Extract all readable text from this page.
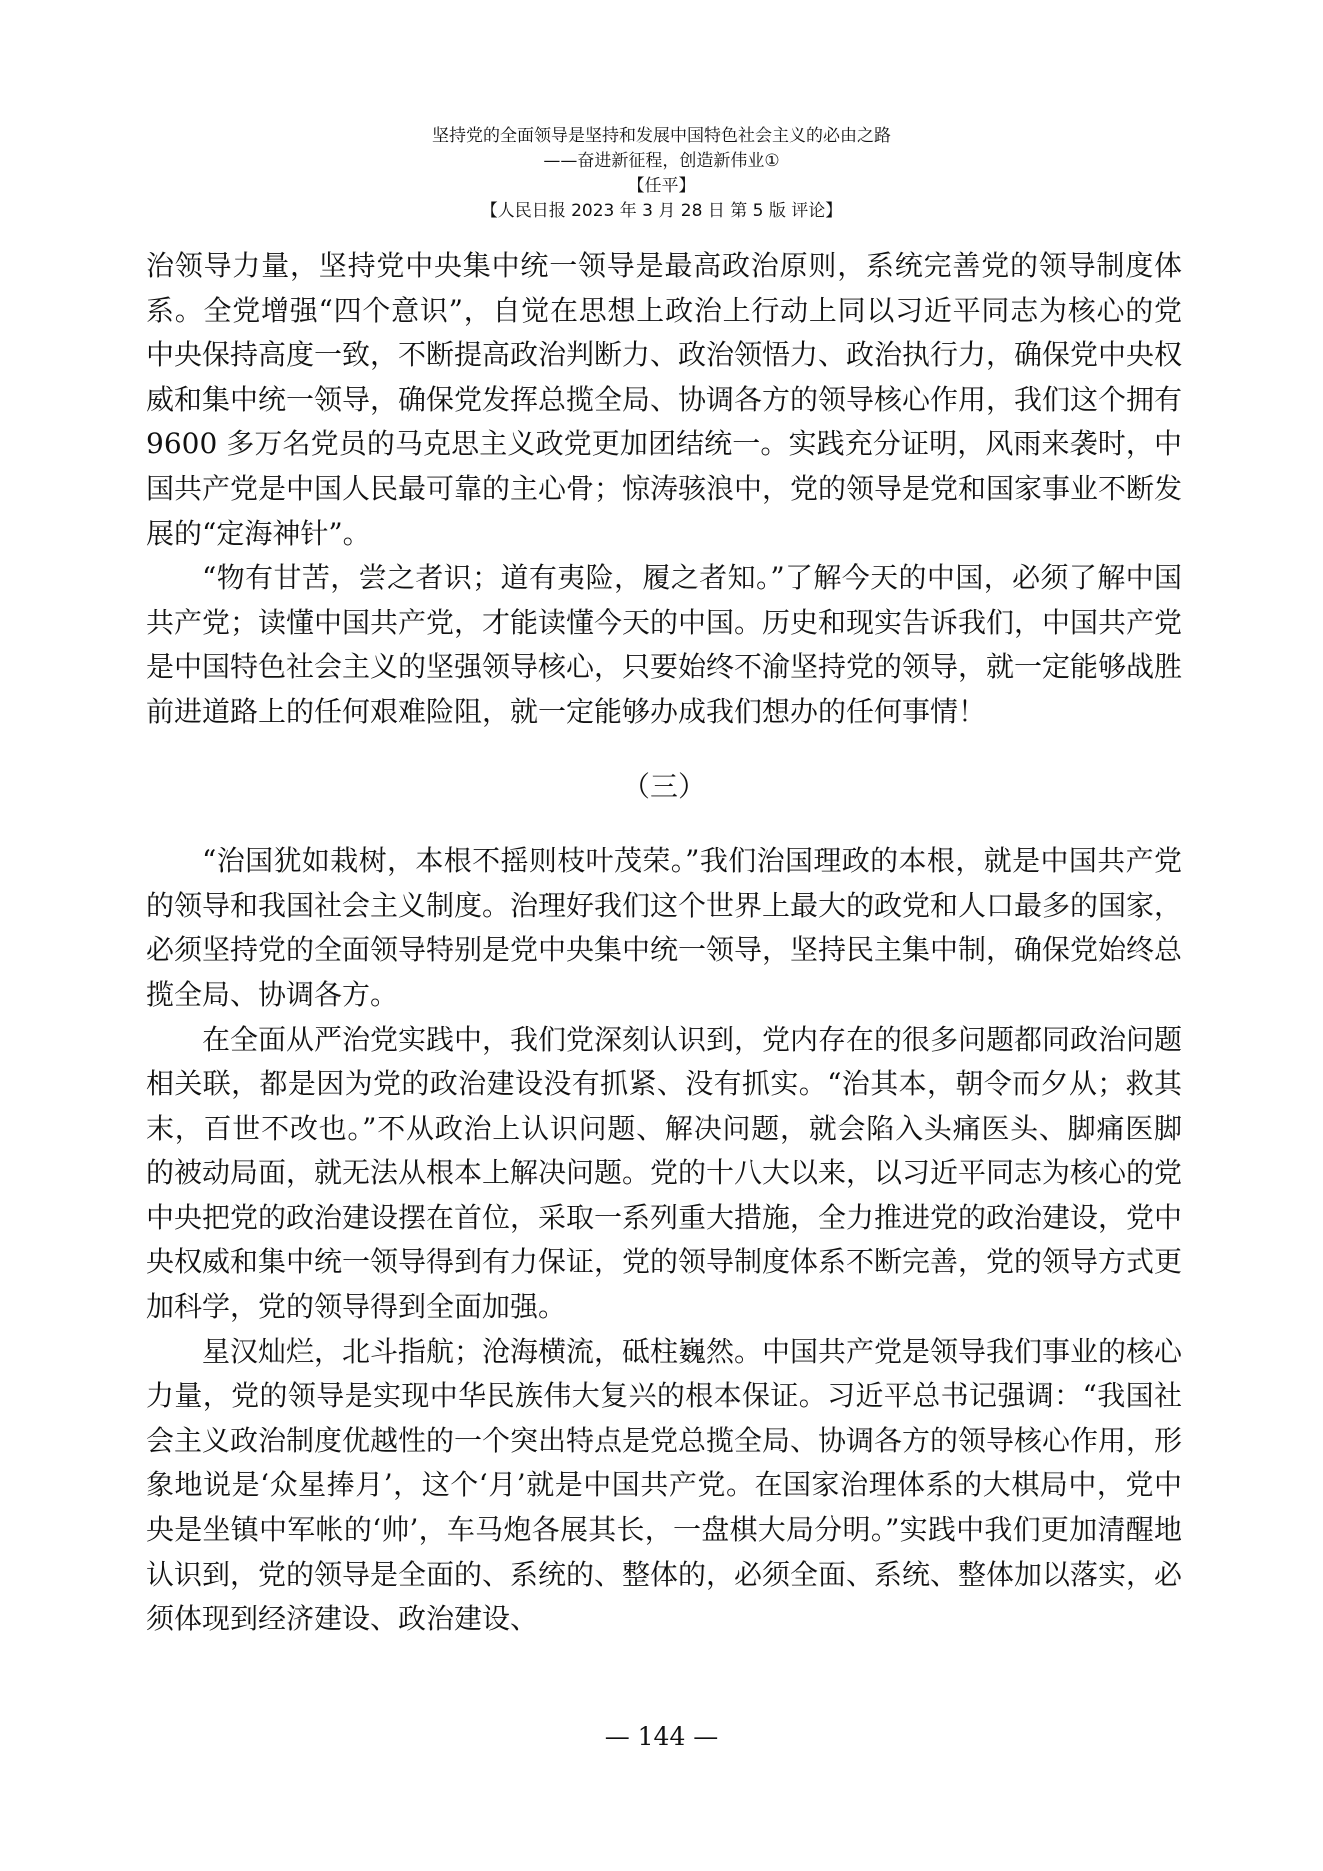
坚持党的全面领导是坚持和发展中国特色社会主义的必由之路
——奋进新征程，创造新伟业①
【任平】
【人民日报 2023 年 3 月 28 日 第 5 版 评论】

治领导力量，坚持党中央集中统一领导是最高政治原则，系统完善党的领导制度体系。全党增强“四个意识”，自觉在思想上政治上行动上同以习近平同志为核心的党中央保持高度一致，不断提高政治判断力、政治领悟力、政治执行力，确保党中央权威和集中统一领导，确保党发挥总揽全局、协调各方的领导核心作用，我们这个拥有 9600 多万名党员的马克思主义政党更加团结统一。实践充分证明，风雨来袭时，中国共产党是中国人民最可靠的主心骨；惊涛骇浪中，党的领导是党和国家事业不断发展的“定海神针”。

“物有甘苦，尝之者识；道有夷险，履之者知。”了解今天的中国，必须了解中国共产党；读懂中国共产党，才能读懂今天的中国。历史和现实告诉我们，中国共产党是中国特色社会主义的坚强领导核心，只要始终不渝坚持党的领导，就一定能够战胜前进道路上的任何艰难险阻，就一定能够办成我们想办的任何事情！

（三）

“治国犹如栽树，本根不摇则枝叶茂荣。”我们治国理政的本根，就是中国共产党的领导和我国社会主义制度。治理好我们这个世界上最大的政党和人口最多的国家，必须坚持党的全面领导特别是党中央集中统一领导，坚持民主集中制，确保党始终总揽全局、协调各方。

在全面从严治党实践中，我们党深刻认识到，党内存在的很多问题都同政治问题相关联，都是因为党的政治建设没有抓紧、没有抓实。“治其本，朝令而夕从；救其末，百世不改也。”不从政治上认识问题、解决问题，就会陷入头痛医头、脚痛医脚的被动局面，就无法从根本上解决问题。党的十八大以来，以习近平同志为核心的党中央把党的政治建设摆在首位，采取一系列重大措施，全力推进党的政治建设，党中央权威和集中统一领导得到有力保证，党的领导制度体系不断完善，党的领导方式更加科学，党的领导得到全面加强。

星汉灿烂，北斗指航；沧海横流，砥柱巍然。中国共产党是领导我们事业的核心力量，党的领导是实现中华民族伟大复兴的根本保证。习近平总书记强调：“我国社会主义政治制度优越性的一个突出特点是党总揽全局、协调各方的领导核心作用，形象地说是‘众星捧月’，这个‘月’就是中国共产党。在国家治理体系的大棋局中，党中央是坐镇中军帐的‘帅’，车马炮各展其长，一盘棋大局分明。”实践中我们更加清醒地认识到，党的领导是全面的、系统的、整体的，必须全面、系统、整体加以落实，必须体现到经济建设、政治建设、

— 144 —
